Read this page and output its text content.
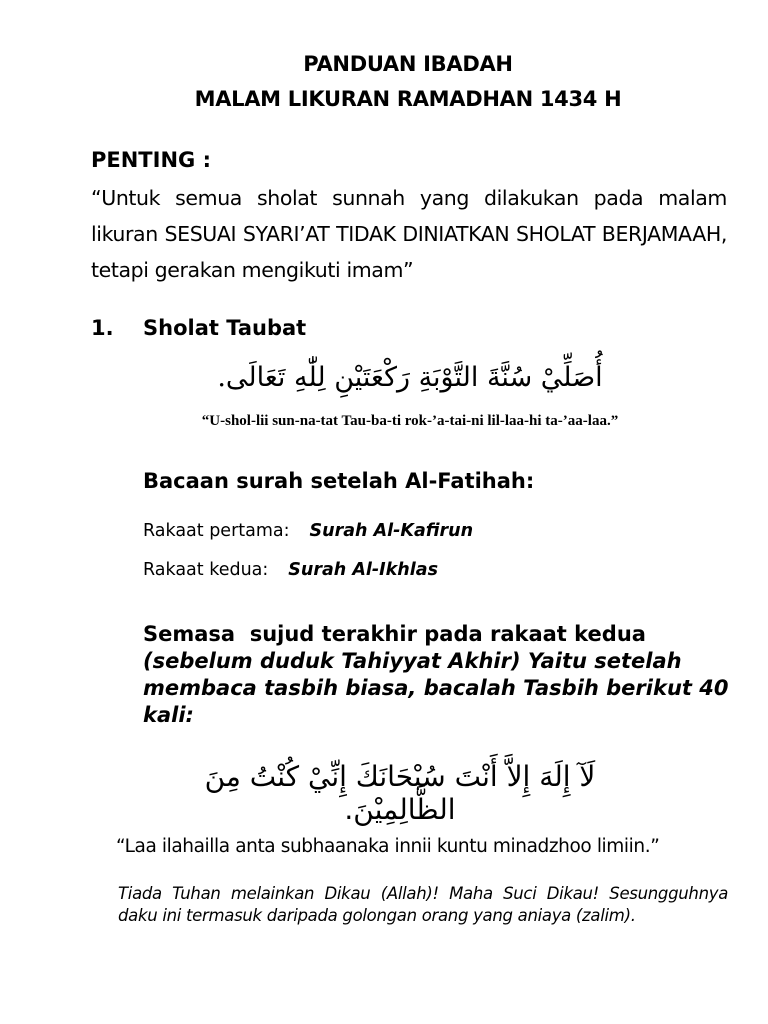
PANDUAN IBADAH
MALAM LIKURAN RAMADHAN 1434 H
PENTING :
“Untuk semua sholat sunnah yang dilakukan pada malam likuran SESUAI SYARI’AT TIDAK DINIATKAN SHOLAT BERJAMAAH, tetapi gerakan mengikuti imam”
1. Sholat Taubat
أُصَلِّيْ سُنَّةَ التَّوْبَةِ رَكْعَتَيْنِ لِلّٰهِ تَعَالَى.
“U-shol-lii sun-na-tat Tau-ba-ti rok-’a-tai-ni lil-laa-hi ta-’aa-laa.”
Bacaan surah setelah Al-Fatihah:
Rakaat pertama: Surah Al-Kafirun
Rakaat kedua: Surah Al-Ikhlas
Semasa  sujud terakhir pada rakaat kedua
(sebelum duduk Tahiyyat Akhir) Yaitu setelah membaca tasbih biasa, bacalah Tasbih berikut 40 kali:
لَآ إِلَهَ إِلاَّ أَنْتَ سُبْحَانَكَ إِنِّيْ كُنْتُ مِنَ الظَّالِمِيْنَ.
“Laa ilahailla anta subhaanaka innii kuntu minadzhoo limiin.”
Tiada Tuhan melainkan Dikau (Allah)! Maha Suci Dikau! Sesungguhnya daku ini termasuk daripada golongan orang yang aniaya (zalim).
